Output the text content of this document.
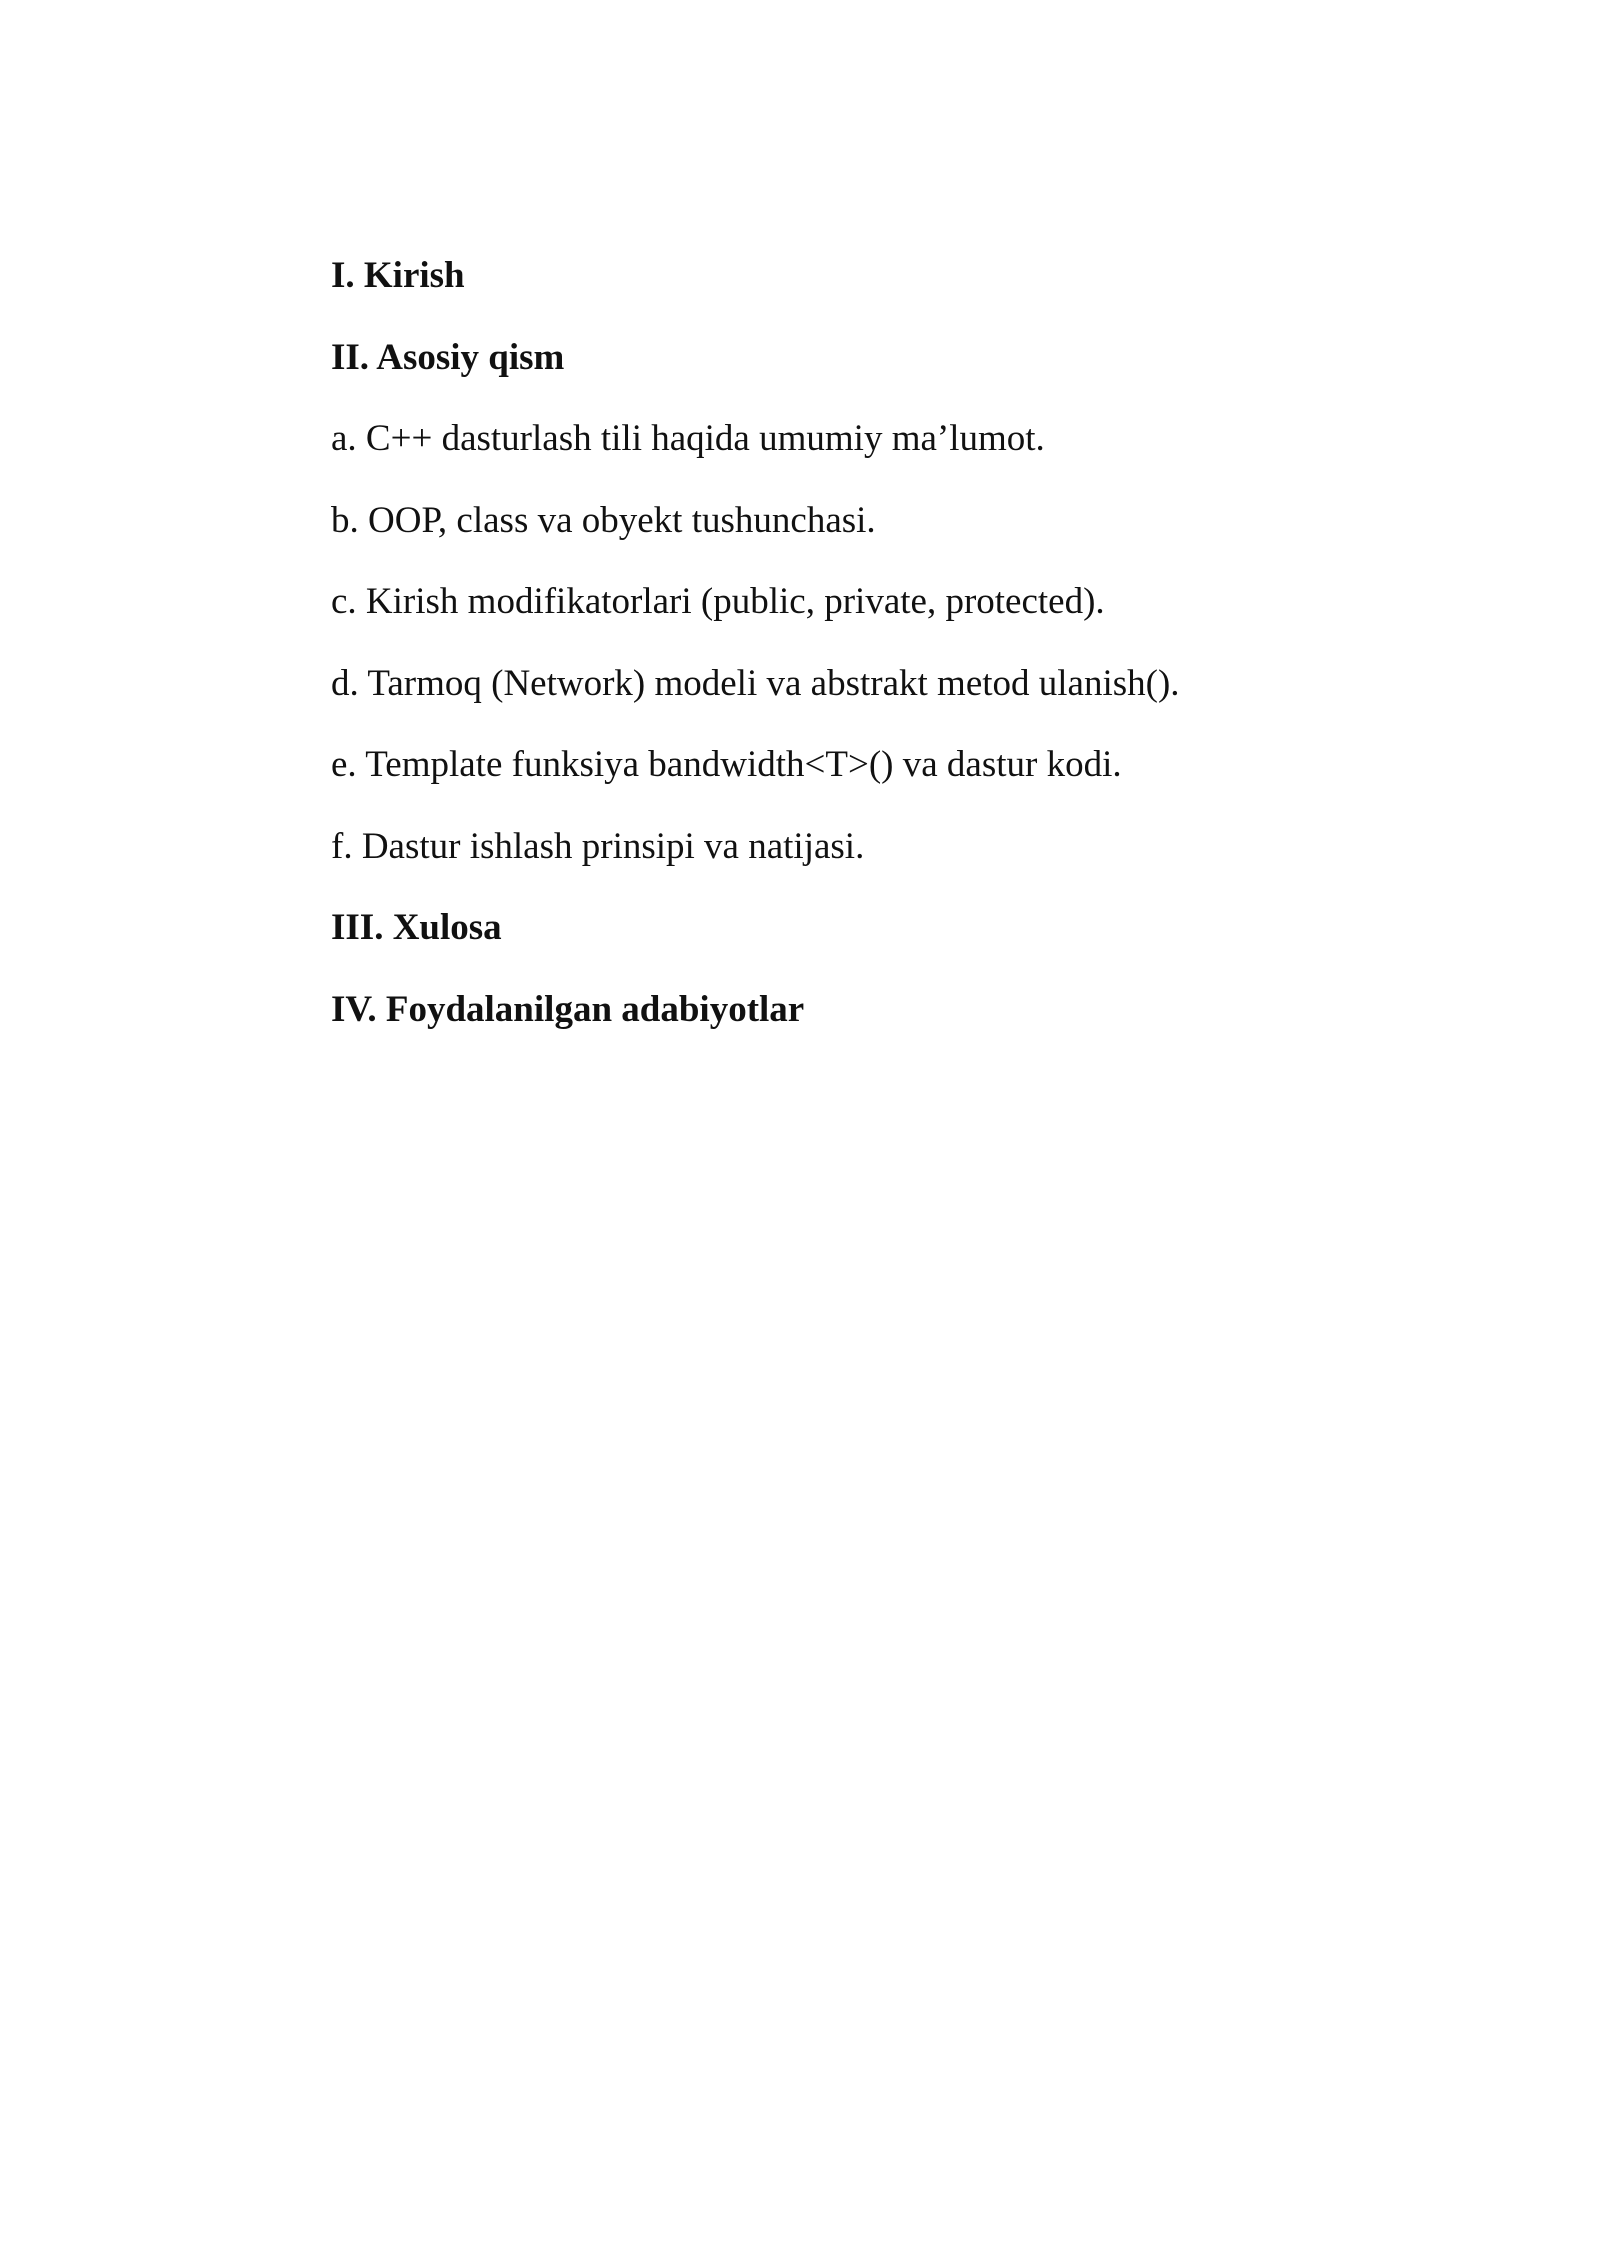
I. Kirish
II. Asosiy qism
a. C++ dasturlash tili haqida umumiy ma’lumot.
b. OOP, class va obyekt tushunchasi.
c. Kirish modifikatorlari (public, private, protected).
d. Tarmoq (Network) modeli va abstrakt metod ulanish().
e. Template funksiya bandwidth<T>() va dastur kodi.
f. Dastur ishlash prinsipi va natijasi.
III. Xulosa
IV. Foydalanilgan adabiyotlar
